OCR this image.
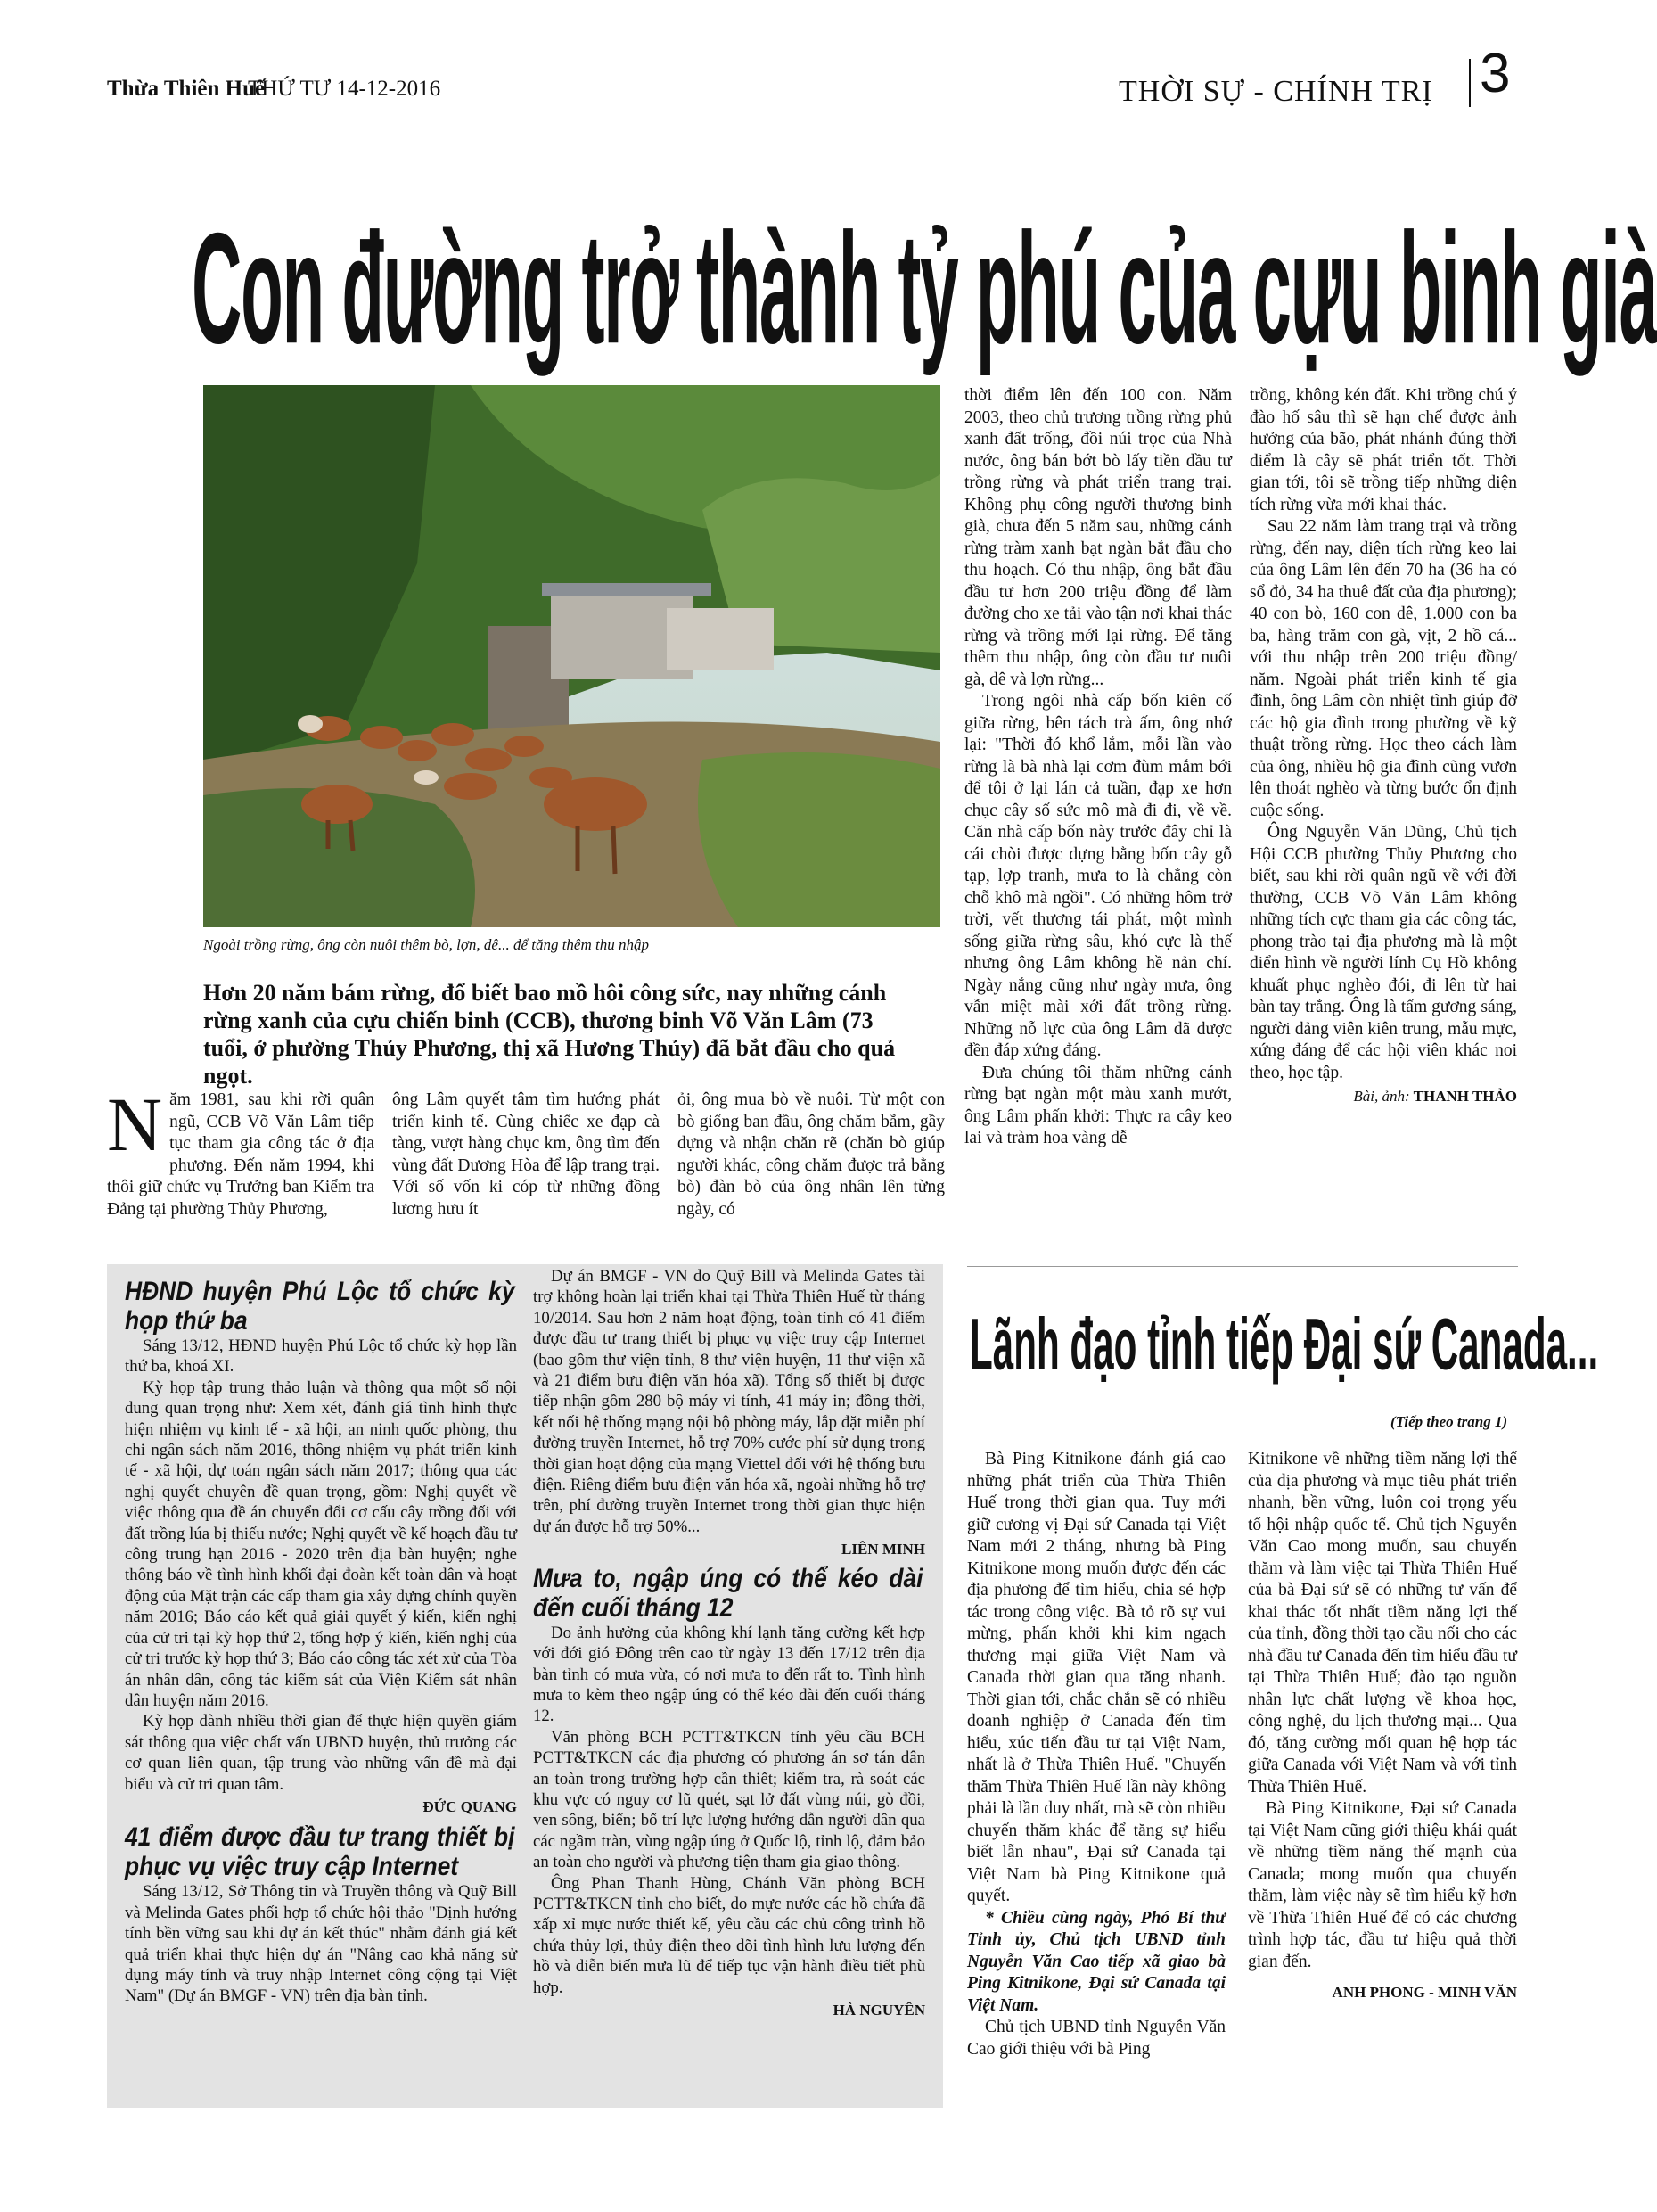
Thừa Thiên Huế
THỨ TƯ 14-12-2016	THỜI SỰ - CHÍNH TRỊ 3
Con đường trở thành tỷ phú của cựu binh già
Ngoài trồng rừng, ông còn nuôi thêm bò, lợn, dê... để tăng thêm thu nhập
Hơn 20 năm bám rừng, đổ biết bao mồ hôi công sức, nay những cánh rừng xanh của cựu chiến binh (CCB), thương binh Võ Văn Lâm (73 tuổi, ở phường Thủy Phương, thị xã Hương Thủy) đã bắt đầu cho quả ngọt.
N ăm 1981, sau khi rời quân ngũ, CCB Võ Văn Lâm tiếp tục tham gia công tác ở địa phương. Đến năm 1994, khi thôi giữ chức vụ Trưởng ban Kiểm tra Đảng tại phường Thủy Phương,
ông Lâm quyết tâm tìm hướng phát triển kinh tế. Cùng chiếc xe đạp cà tàng, vượt hàng chục km, ông tìm đến vùng đất Dương Hòa để lập trang trại. Với số vốn ki cóp từ những đồng lương hưu ít
ỏi, ông mua bò về nuôi. Từ một con bò giống ban đầu, ông chăm bẵm, gầy dựng và nhận chăn rẽ (chăn bò giúp người khác, công chăm được trả bằng bò) đàn bò của ông nhân lên từng ngày, có

thời điểm lên đến 100 con. Năm 2003, theo chủ trương trồng rừng phủ xanh đất trống, đồi núi trọc của Nhà nước, ông bán bớt bò lấy tiền đầu tư trồng rừng và phát triển trang trại. Không phụ công người thương binh già, chưa đến 5 năm sau, những cánh rừng tràm xanh bạt ngàn bắt đầu cho thu hoạch. Có thu nhập, ông bắt đầu đầu tư hơn 200 triệu đồng để làm đường cho xe tải vào tận nơi khai thác rừng và trồng mới lại rừng. Để tăng thêm thu nhập, ông còn đầu tư nuôi gà, dê và lợn rừng...

Trong ngôi nhà cấp bốn kiên cố giữa rừng, bên tách trà ấm, ông nhớ lại: "Thời đó khổ lắm, mỗi lần vào rừng là bà nhà lại cơm đùm mắm bới để tôi ở lại lán cả tuần, đạp xe hơn chục cây số sức mô mà đi đi, về về. Căn nhà cấp bốn này trước đây chỉ là cái chòi được dựng bằng bốn cây gỗ tạp, lợp tranh, mưa to là chẳng còn chỗ khô mà ngồi". Có những hôm trở trời, vết thương tái phát, một mình sống giữa rừng sâu, khó cực là thế nhưng ông Lâm không hề nản chí. Ngày nắng cũng như ngày mưa, ông vẫn miệt mài xới đất trồng rừng. Những nỗ lực của ông Lâm đã được đền đáp xứng đáng.

Đưa chúng tôi thăm những cánh rừng bạt ngàn một màu xanh mướt, ông Lâm phấn khởi: Thực ra cây keo lai và tràm hoa vàng dễ

trồng, không kén đất. Khi trồng chú ý đào hố sâu thì sẽ hạn chế được ảnh hưởng của bão, phát nhánh đúng thời điểm là cây sẽ phát triển tốt. Thời gian tới, tôi sẽ trồng tiếp những diện tích rừng vừa mới khai thác.

Sau 22 năm làm trang trại và trồng rừng, đến nay, diện tích rừng keo lai của ông Lâm lên đến 70 ha (36 ha có sổ đỏ, 34 ha thuê đất của địa phương); 40 con bò, 160 con dê, 1.000 con ba ba, hàng trăm con gà, vịt, 2 hồ cá... với thu nhập trên 200 triệu đồng/ năm. Ngoài phát triển kinh tế gia đình, ông Lâm còn nhiệt tình giúp đỡ các hộ gia đình trong phường về kỹ thuật trồng rừng. Học theo cách làm của ông, nhiều hộ gia đình cũng vươn lên thoát nghèo và từng bước ổn định cuộc sống.

Ông Nguyễn Văn Dũng, Chủ tịch Hội CCB phường Thủy Phương cho biết, sau khi rời quân ngũ về với đời thường, CCB Võ Văn Lâm không những tích cực tham gia các công tác, phong trào tại địa phương mà là một điển hình về người lính Cụ Hồ không khuất phục nghèo đói, đi lên từ hai bàn tay trắng. Ông là tấm gương sáng, người đảng viên kiên trung, mẫu mực, xứng đáng để các hội viên khác noi theo, học tập.

Bài, ảnh: THANH THẢO
HĐND huyện Phú Lộc tổ chức kỳ họp thứ ba

Sáng 13/12, HĐND huyện Phú Lộc tổ chức kỳ họp lần thứ ba, khoá XI.

Kỳ họp tập trung thảo luận và thông qua một số nội dung quan trọng như: Xem xét, đánh giá tình hình thực hiện nhiệm vụ kinh tế - xã hội, an ninh quốc phòng, thu chi ngân sách năm 2016, thông nhiệm vụ phát triển kinh tế - xã hội, dự toán ngân sách năm 2017; thông qua các nghị quyết chuyên đề quan trọng, gồm: Nghị quyết về việc thông qua đề án chuyển đổi cơ cấu cây trồng đối với đất trồng lúa bị thiếu nước; Nghị quyết về kế hoạch đầu tư công trung hạn 2016 - 2020 trên địa bàn huyện; nghe thông báo về tình hình khối đại đoàn kết toàn dân và hoạt động của Mặt trận các cấp tham gia xây dựng chính quyền năm 2016; Báo cáo kết quả giải quyết ý kiến, kiến nghị của cử tri tại kỳ họp thứ 2, tổng hợp ý kiến, kiến nghị của cử tri trước kỳ họp thứ 3; Báo cáo công tác xét xử của Tòa án nhân dân, công tác kiểm sát của Viện Kiểm sát nhân dân huyện năm 2016.

Kỳ họp dành nhiều thời gian để thực hiện quyền giám sát thông qua việc chất vấn UBND huyện, thủ trưởng các cơ quan liên quan, tập trung vào những vấn đề mà đại biểu và cử tri quan tâm.

ĐỨC QUANG
41 điểm được đầu tư trang thiết bị phục vụ việc truy cập Internet

Sáng 13/12, Sở Thông tin và Truyền thông và Quỹ Bill và Melinda Gates phối hợp tổ chức hội thảo "Định hướng tính bền vững sau khi dự án kết thúc" nhằm đánh giá kết quả triển khai thực hiện dự án "Nâng cao khả năng sử dụng máy tính và truy nhập Internet công cộng tại Việt Nam" (Dự án BMGF - VN) trên địa bàn tỉnh.

Dự án BMGF - VN do Quỹ Bill và Melinda Gates tài trợ không hoàn lại triển khai tại Thừa Thiên Huế từ tháng 10/2014. Sau hơn 2 năm hoạt động, toàn tỉnh có 41 điểm được đầu tư trang thiết bị phục vụ việc truy cập Internet (bao gồm thư viện tỉnh, 8 thư viện huyện, 11 thư viện xã và 21 điểm bưu điện văn hóa xã). Tổng số thiết bị được tiếp nhận gồm 280 bộ máy vi tính, 41 máy in; đồng thời, kết nối hệ thống mạng nội bộ phòng máy, lắp đặt miễn phí đường truyền Internet, hỗ trợ 70% cước phí sử dụng trong thời gian hoạt động của mạng Viettel đối với hệ thống bưu điện. Riêng điểm bưu điện văn hóa xã, ngoài những hỗ trợ trên, phí đường truyền Internet trong thời gian thực hiện dự án được hỗ trợ 50%...

LIÊN MINH
Mưa to, ngập úng có thể kéo dài đến cuối tháng 12

Do ảnh hưởng của không khí lạnh tăng cường kết hợp với đới gió Đông trên cao từ ngày 13 đến 17/12 trên địa bàn tỉnh có mưa vừa, có nơi mưa to đến rất to. Tình hình mưa to kèm theo ngập úng có thể kéo dài đến cuối tháng 12.

Văn phòng BCH PCTT&TKCN tỉnh yêu cầu BCH PCTT&TKCN các địa phương có phương án sơ tán dân an toàn trong trường hợp cần thiết; kiểm tra, rà soát các khu vực có nguy cơ lũ quét, sạt lở đất vùng núi, gò đồi, ven sông, biển; bố trí lực lượng hướng dẫn người dân qua các ngầm tràn, vùng ngập úng ở Quốc lộ, tỉnh lộ, đảm bảo an toàn cho người và phương tiện tham gia giao thông.

Ông Phan Thanh Hùng, Chánh Văn phòng BCH PCTT&TKCN tỉnh cho biết, do mực nước các hồ chứa đã xấp xỉ mực nước thiết kế, yêu cầu các chủ công trình hồ chứa thủy lợi, thủy điện theo dõi tình hình lưu lượng đến hồ và diễn biến mưa lũ để tiếp tục vận hành điều tiết phù hợp.

HÀ NGUYÊN
Lãnh đạo tỉnh tiếp Đại sứ Canada...
(Tiếp theo trang 1)

Bà Ping Kitnikone đánh giá cao những phát triển của Thừa Thiên Huế trong thời gian qua. Tuy mới giữ cương vị Đại sứ Canada tại Việt Nam mới 2 tháng, nhưng bà Ping Kitnikone mong muốn được đến các địa phương để tìm hiểu, chia sẻ hợp tác trong công việc. Bà tỏ rõ sự vui mừng, phấn khởi khi kim ngạch thương mại giữa Việt Nam và Canada thời gian qua tăng nhanh. Thời gian tới, chắc chắn sẽ có nhiều doanh nghiệp ở Canada đến tìm hiểu, xúc tiến đầu tư tại Việt Nam, nhất là ở Thừa Thiên Huế. "Chuyến thăm Thừa Thiên Huế lần này không phải là lần duy nhất, mà sẽ còn nhiều chuyến thăm khác để tăng sự hiểu biết lẫn nhau", Đại sứ Canada tại Việt Nam bà Ping Kitnikone quả quyết.

* Chiều cùng ngày, Phó Bí thư Tỉnh ủy, Chủ tịch UBND tỉnh Nguyễn Văn Cao tiếp xã giao bà Ping Kitnikone, Đại sứ Canada tại Việt Nam.

Chủ tịch UBND tỉnh Nguyễn Văn Cao giới thiệu với bà Ping

Kitnikone về những tiềm năng lợi thế của địa phương và mục tiêu phát triển nhanh, bền vững, luôn coi trọng yếu tố hội nhập quốc tế. Chủ tịch Nguyễn Văn Cao mong muốn, sau chuyến thăm và làm việc tại Thừa Thiên Huế của bà Đại sứ sẽ có những tư vấn để khai thác tốt nhất tiềm năng lợi thế của tỉnh, đồng thời tạo cầu nối cho các nhà đầu tư Canada đến tìm hiểu đầu tư tại Thừa Thiên Huế; đào tạo nguồn nhân lực chất lượng về khoa học, công nghệ, du lịch thương mại... Qua đó, tăng cường mối quan hệ hợp tác giữa Canada với Việt Nam và với tỉnh Thừa Thiên Huế.

Bà Ping Kitnikone, Đại sứ Canada tại Việt Nam cũng giới thiệu khái quát về những tiềm năng thế mạnh của Canada; mong muốn qua chuyến thăm, làm việc này sẽ tìm hiểu kỹ hơn về Thừa Thiên Huế để có các chương trình hợp tác, đầu tư hiệu quả thời gian đến.

ANH PHONG - MINH VĂN
